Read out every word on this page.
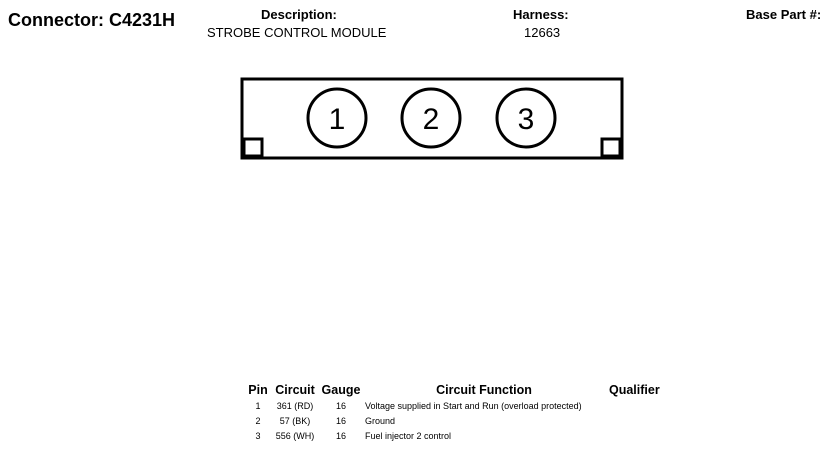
Connector: C4231H	Description:
STROBE CONTROL MODULE
Harness:
12663
Base Part #:
1	2	3
Pin	Circuit	Gauge	Circuit Function	Qualifier
1	361 (RD)	16	Voltage supplied in Start and Run (overload protected)	
2	57 (BK)	16	Ground	
3	556 (WH)	16	Fuel injector 2 control	
